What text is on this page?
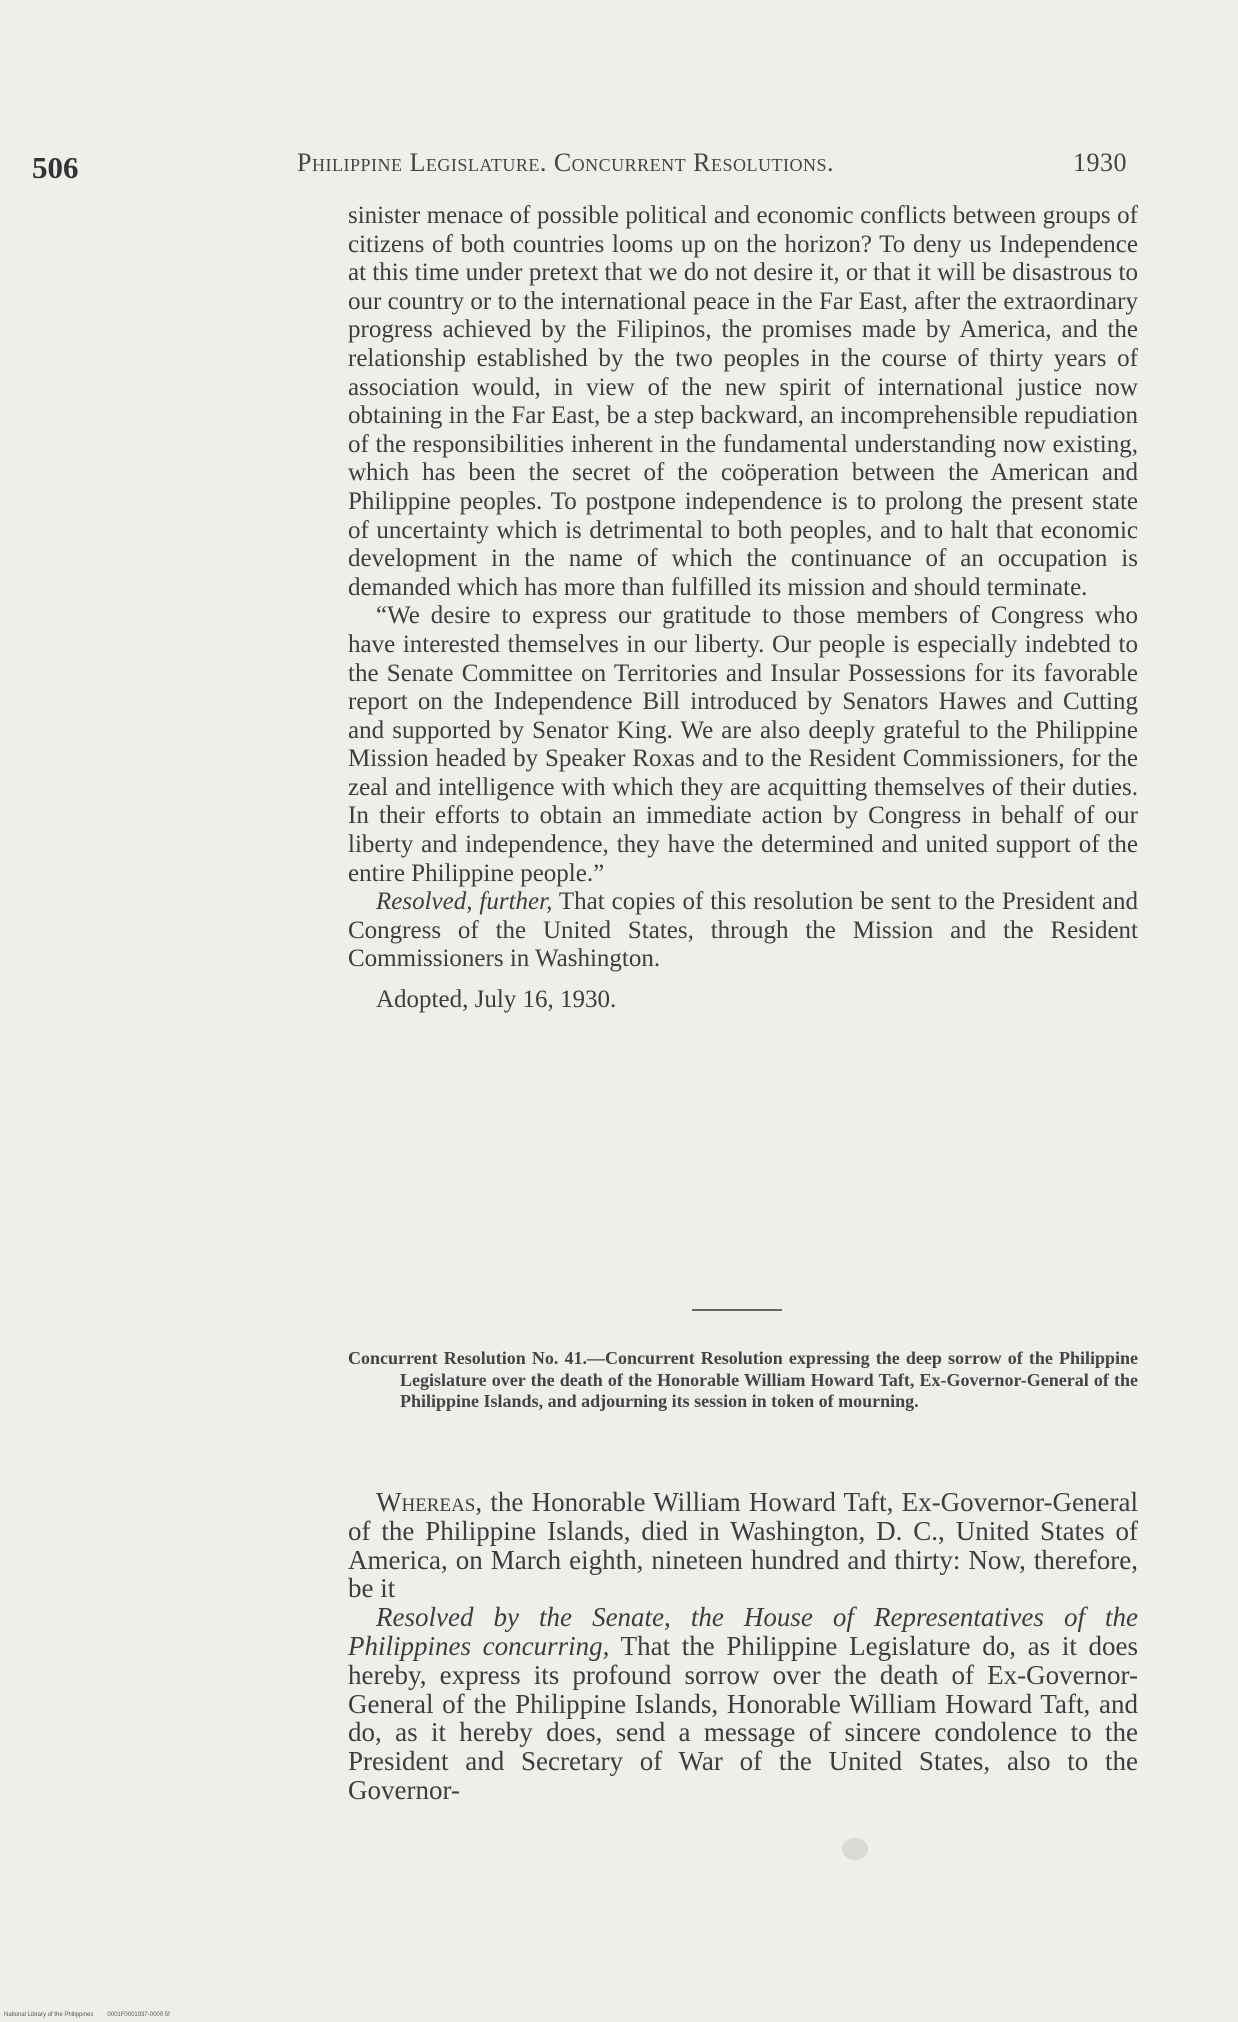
506	Philippine Legislature. Concurrent Resolutions.	1930

sinister menace of possible political and economic conflicts between groups of citizens of both countries looms up on the horizon? To deny us Independence at this time under pretext that we do not desire it, or that it will be disastrous to our country or to the international peace in the Far East, after the extraordinary progress achieved by the Filipinos, the promises made by America, and the relationship established by the two peoples in the course of thirty years of association would, in view of the new spirit of international justice now obtaining in the Far East, be a step backward, an incomprehensible repudiation of the responsibilities inherent in the fundamental understanding now existing, which has been the secret of the coöperation between the American and Philippine peoples. To postpone independence is to prolong the present state of uncertainty which is detrimental to both peoples, and to halt that economic development in the name of which the continuance of an occupation is demanded which has more than fulfilled its mission and should terminate.

“We desire to express our gratitude to those members of Congress who have interested themselves in our liberty. Our people is especially indebted to the Senate Committee on Territories and Insular Possessions for its favorable report on the Independence Bill introduced by Senators Hawes and Cutting and supported by Senator King. We are also deeply grateful to the Philippine Mission headed by Speaker Roxas and to the Resident Commissioners, for the zeal and intelligence with which they are acquitting themselves of their duties. In their efforts to obtain an immediate action by Congress in behalf of our liberty and independence, they have the determined and united support of the entire Philippine people.”

Resolved, further, That copies of this resolution be sent to the President and Congress of the United States, through the Mission and the Resident Commissioners in Washington.

Adopted, July 16, 1930.

Concurrent Resolution No. 41.—Concurrent Resolution expressing the deep sorrow of the Philippine Legislature over the death of the Honorable William Howard Taft, Ex-Governor-General of the Philippine Islands, and adjourning its session in token of mourning.

Whereas, the Honorable William Howard Taft, Ex-Governor-General of the Philippine Islands, died in Washington, D. C., United States of America, on March eighth, nineteen hundred and thirty: Now, therefore, be it

Resolved by the Senate, the House of Representatives of the Philippines concurring, That the Philippine Legislature do, as it does hereby, express its profound sorrow over the death of Ex-Governor-General of the Philippine Islands, Honorable William Howard Taft, and do, as it hereby does, send a message of sincere condolence to the President and Secretary of War of the United States, also to the Governor-

National Library of the Philippines 0001F0001937-0000 5f
